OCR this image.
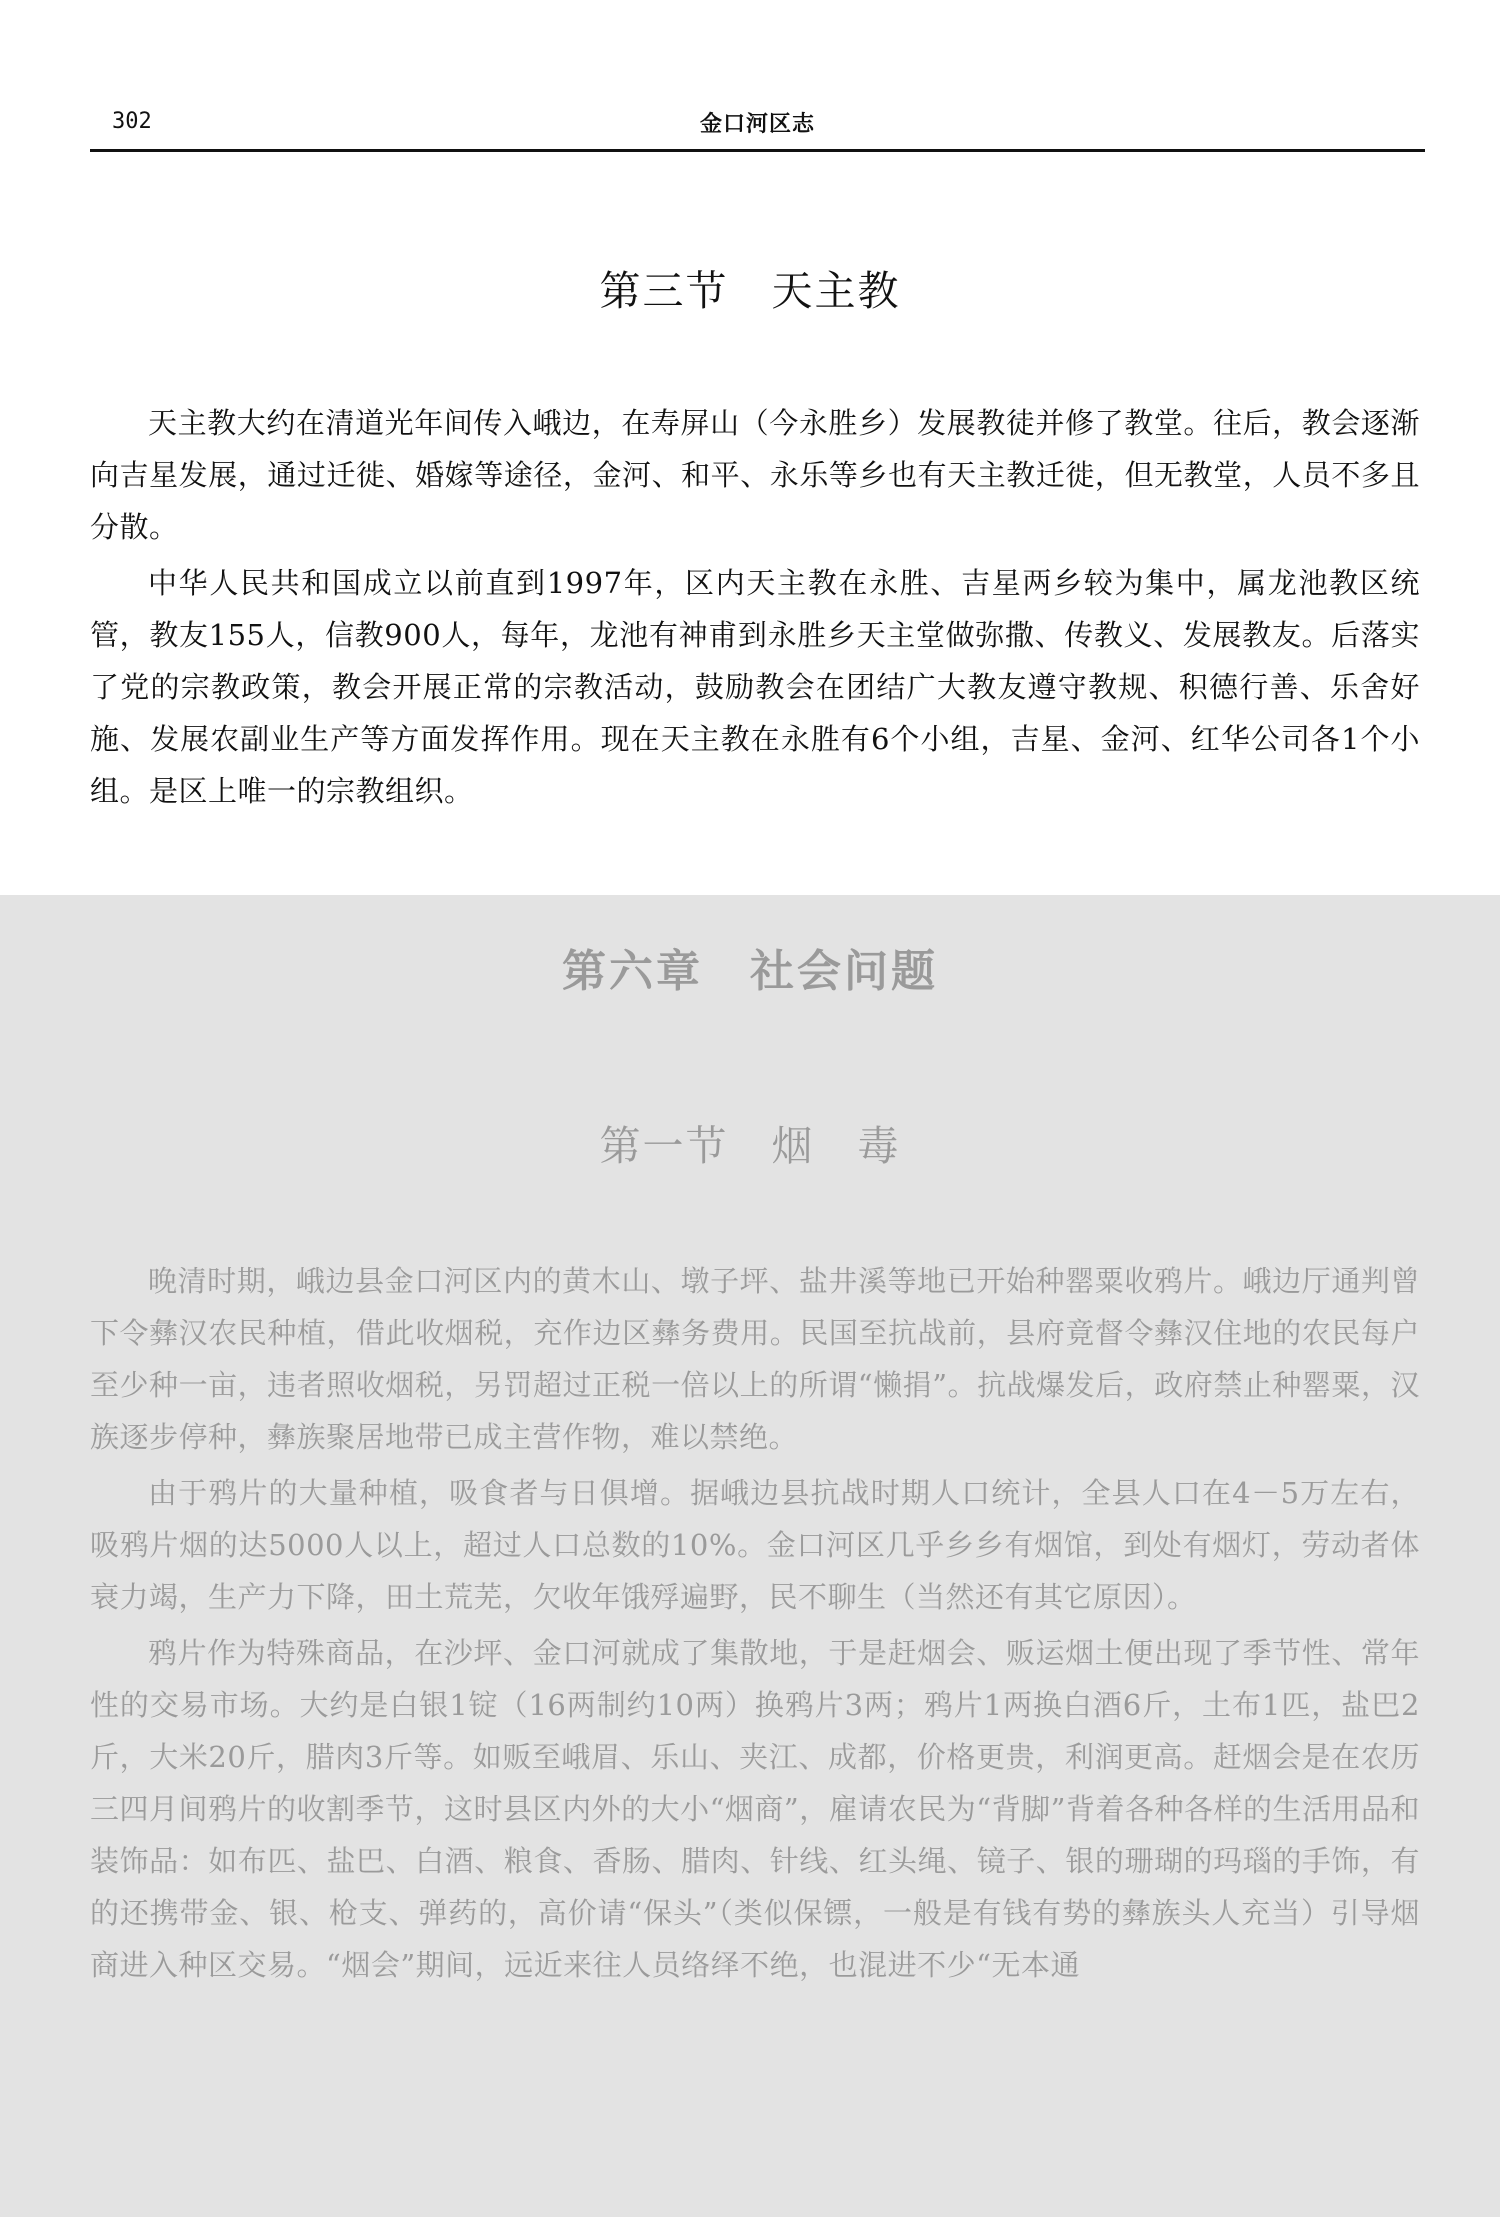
302	金口河区志
第三节　天主教

天主教大约在清道光年间传入峨边，在寿屏山（今永胜乡）发展教徒并修了教堂。往后，教会逐渐向吉星发展，通过迁徙、婚嫁等途径，金河、和平、永乐等乡也有天主教迁徙，但无教堂，人员不多且分散。

中华人民共和国成立以前直到1997年，区内天主教在永胜、吉星两乡较为集中，属龙池教区统管，教友155人，信教900人，每年，龙池有神甫到永胜乡天主堂做弥撒、传教义、发展教友。后落实了党的宗教政策，教会开展正常的宗教活动，鼓励教会在团结广大教友遵守教规、积德行善、乐舍好施、发展农副业生产等方面发挥作用。现在天主教在永胜有6个小组，吉星、金河、红华公司各1个小组。是区上唯一的宗教组织。

第六章　社会问题
第一节　烟　毒

晚清时期，峨边县金口河区内的黄木山、墩子坪、盐井溪等地已开始种罂粟收鸦片。峨边厅通判曾下令彝汉农民种植，借此收烟税，充作边区彝务费用。民国至抗战前，县府竟督令彝汉住地的农民每户至少种一亩，违者照收烟税，另罚超过正税一倍以上的所谓“懒捐”。抗战爆发后，政府禁止种罂粟，汉族逐步停种，彝族聚居地带已成主营作物，难以禁绝。

由于鸦片的大量种植，吸食者与日俱增。据峨边县抗战时期人口统计，全县人口在4－5万左右，吸鸦片烟的达5000人以上，超过人口总数的10%。金口河区几乎乡乡有烟馆，到处有烟灯，劳动者体衰力竭，生产力下降，田土荒芜，欠收年饿殍遍野，民不聊生（当然还有其它原因）。

鸦片作为特殊商品，在沙坪、金口河就成了集散地，于是赶烟会、贩运烟土便出现了季节性、常年性的交易市场。大约是白银1锭（16两制约10两）换鸦片3两；鸦片1两换白酒6斤，土布1匹，盐巴2斤，大米20斤，腊肉3斤等。如贩至峨眉、乐山、夹江、成都，价格更贵，利润更高。赶烟会是在农历三四月间鸦片的收割季节，这时县区内外的大小“烟商”，雇请农民为“背脚”背着各种各样的生活用品和装饰品：如布匹、盐巴、白酒、粮食、香肠、腊肉、针线、红头绳、镜子、银的珊瑚的玛瑙的手饰，有的还携带金、银、枪支、弹药的，高价请“保头”（类似保镖，一般是有钱有势的彝族头人充当）引导烟商进入种区交易。“烟会”期间，远近来往人员络绎不绝，也混进不少“无本通
